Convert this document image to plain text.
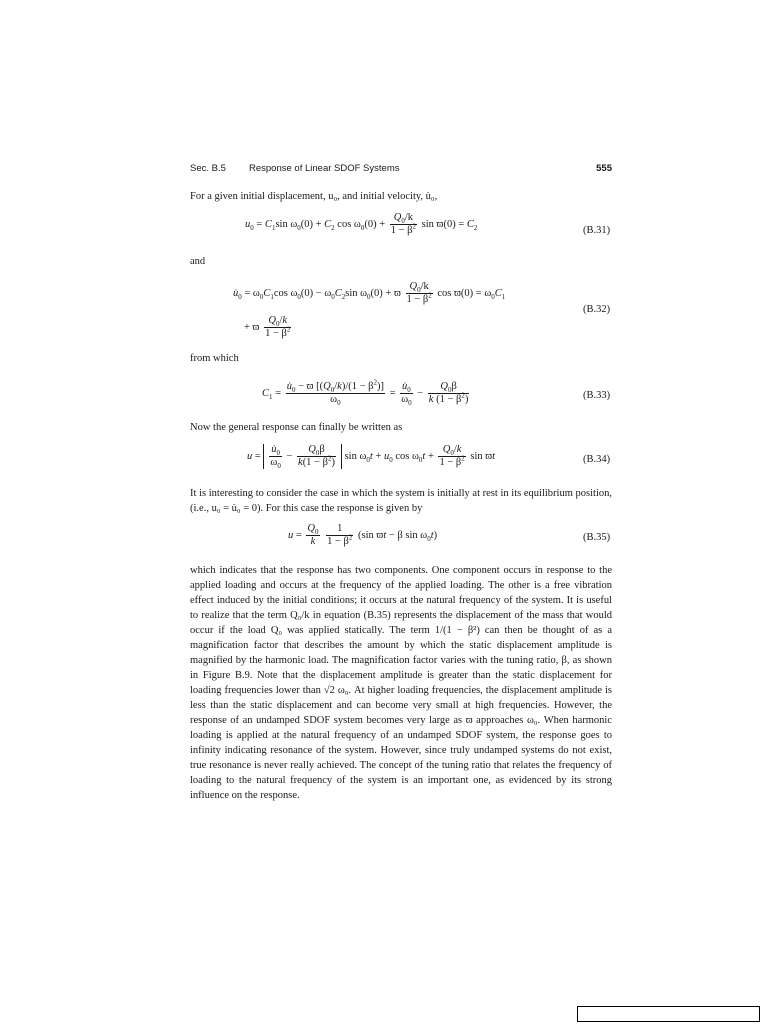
Sec. B.5 Response of Linear SDOF Systems	555
For a given initial displacement, u₀, and initial velocity, u̇₀,
$u_0 = C_1\sin$ $\omega_0(0) + C_2$ $\cos \omega_0(0) + \frac{Q_0/k}{1 - \beta^2}$ $\sin ϖ(0) = C_2$	(B.31)
and
$u̇_0 = \omega_0C_1\cos$ $\omega_0(0) - \omega_0C_2\sin$ $\omega_0(0) + ϖ \frac{Q_0/k}{1 - \beta^2}$ $\cos ϖ(0) = \omega_0C_1$
+ ϖ $\frac{Q_0/k}{1 - \beta^2}$
(B.32)
from which
$C_1 = \frac{u̇_0 - ϖ [(Q_0/k)/(1 - \beta^2)]}{\omega_0} = \frac{u̇_0}{\omega_0} - \frac{Q_0\beta}{k (1 - \beta^2)}$	(B.33)
Now the general response can finally be written as
$u = \frac{u̇_0}{\omega_0} - \frac{Q_0\beta}{k(1 - \beta^2)}$ $\sin \omega_0t + u_0$ $\cos \omega_0t + \frac{Q_0/k}{1 - \beta^2}$ sin ϖt	(B.34)
It is interesting to consider the case in which the system is initially at rest in its equilibrium position, (i.e., u₀ = u̇₀ = 0). For this case the response is given by
$u = \frac{Q_0}{k}$
$\frac{1}{1 - \beta^2} (\sin$ ϖt − β $\sin \omega_0t$)	(B.35)
which indicates that the response has two components. One component occurs in response to the applied loading and occurs at the frequency of the applied loading. The other is a free vibration effect induced by the initial conditions; it occurs at the natural frequency of the system. It is useful to realize that the term Q₀/k in equation (B.35) represents the displacement of the mass that would occur if the load Q₀ was applied statically. The term 1/(1 − β²) can then be thought of as a magnification factor that describes the amount by which the static displacement amplitude is magnified by the harmonic load. The magnification factor varies with the tuning ratio, β, as shown in Figure B.9. Note that the displacement amplitude is greater than the static displacement for loading frequencies lower than √2 ω₀. At higher loading frequencies, the displacement amplitude is less than the static displacement and can become very small at high frequencies. However, the response of an undamped SDOF system becomes very large as ϖ approaches ω₀. When harmonic loading is applied at the natural frequency of an undamped SDOF system, the response goes to infinity indicating resonance of the system. However, since truly undamped systems do not exist, true resonance is never really achieved. The concept of the tuning ratio that relates the frequency of loading to the natural frequency of the system is an important one, as evidenced by its strong influence on the response.
